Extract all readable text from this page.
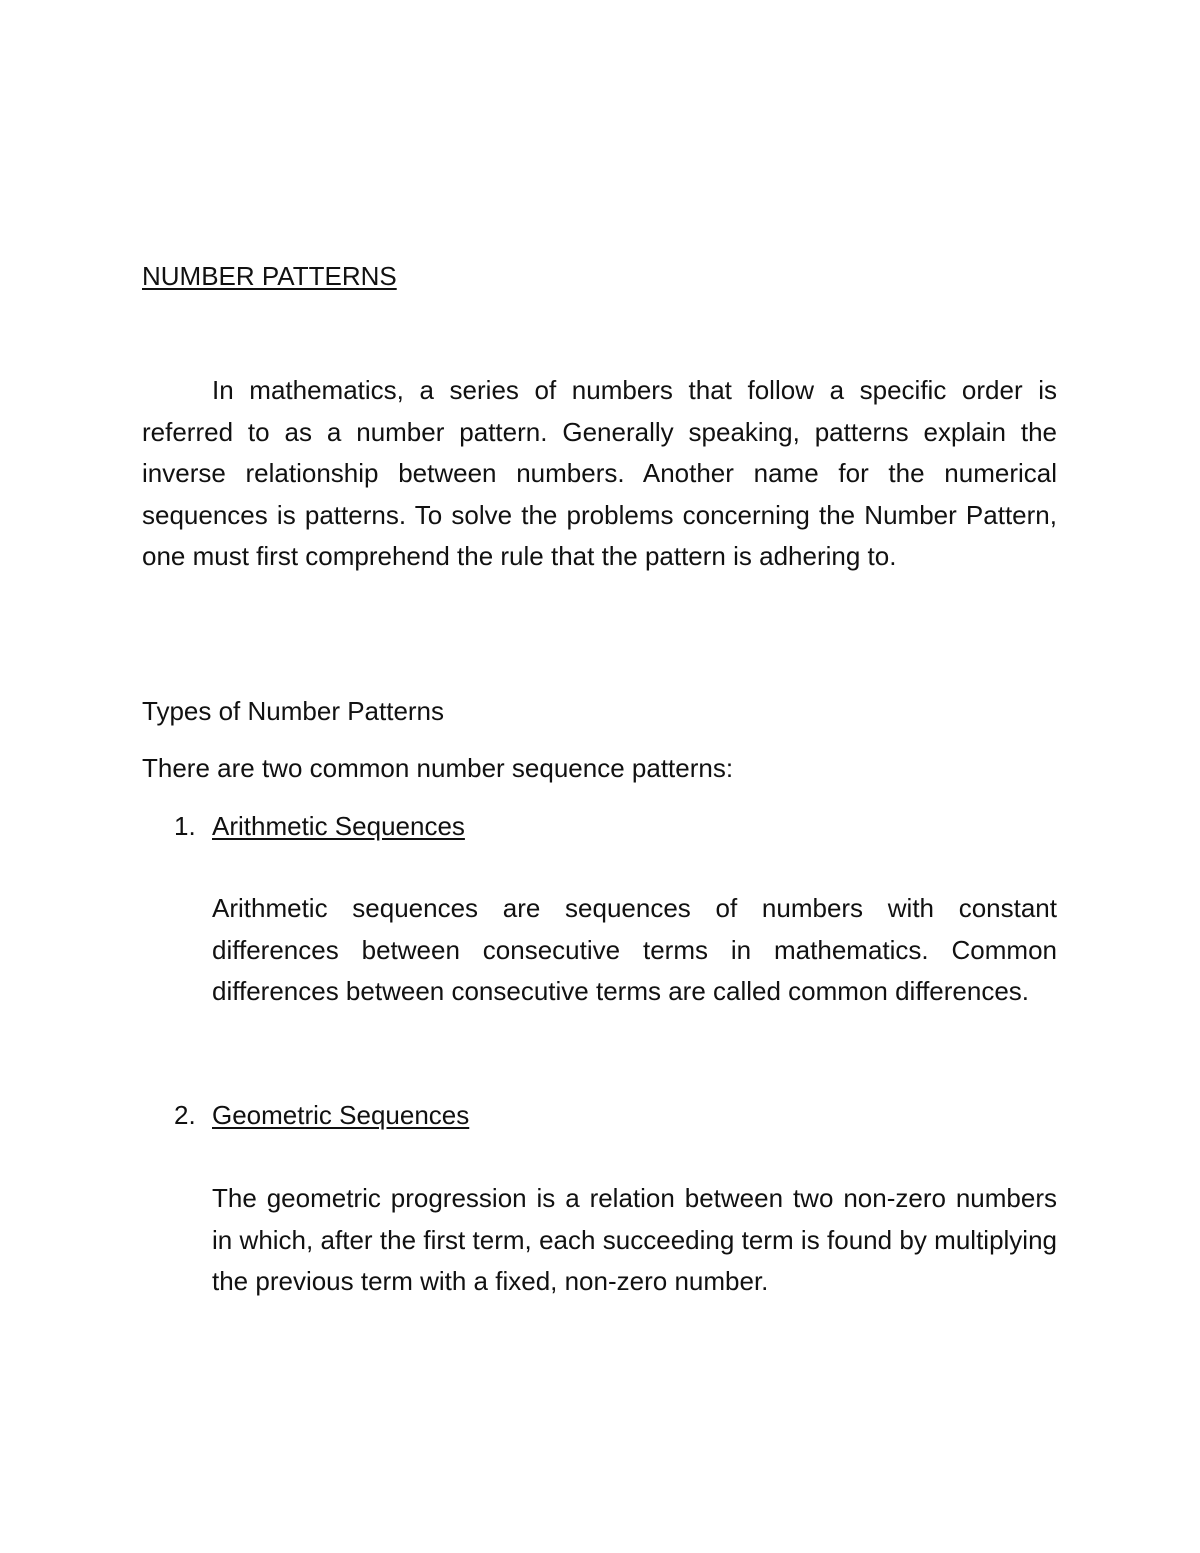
NUMBER PATTERNS

In mathematics, a series of numbers that follow a specific order is referred to as a number pattern. Generally speaking, patterns explain the inverse relationship between numbers. Another name for the numerical sequences is patterns. To solve the problems concerning the Number Pattern, one must first comprehend the rule that the pattern is adhering to.

Types of Number Patterns
There are two common number sequence patterns:
1. Arithmetic Sequences

Arithmetic sequences are sequences of numbers with constant differences between consecutive terms in mathematics. Common differences between consecutive terms are called common differences.

2. Geometric Sequences

The geometric progression is a relation between two non-zero numbers in which, after the first term, each succeeding term is found by multiplying the previous term with a fixed, non-zero number.
